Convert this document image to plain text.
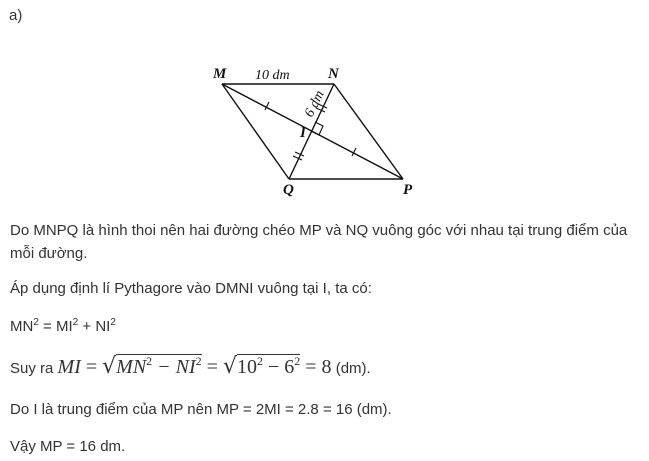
a)
M	N
P
Q
I
10 dm
6 dm
Do MNPQ là hình thoi nên hai đường chéo MP và NQ vuông góc với nhau tại trung điểm của mỗi đường.
Áp dụng định lí Pythagore vào DMNI vuông tại I, ta có:
$MN^2 = MI^2 + NI^2$
Suy ra MI = $√MN^2 - NI^2 = √10^2 - 6^2 = 8$ (dm).
Do I là trung điểm của MP nên MP = 2MI = 2.8 = 16 (dm).
Vậy MP = 16 dm.
